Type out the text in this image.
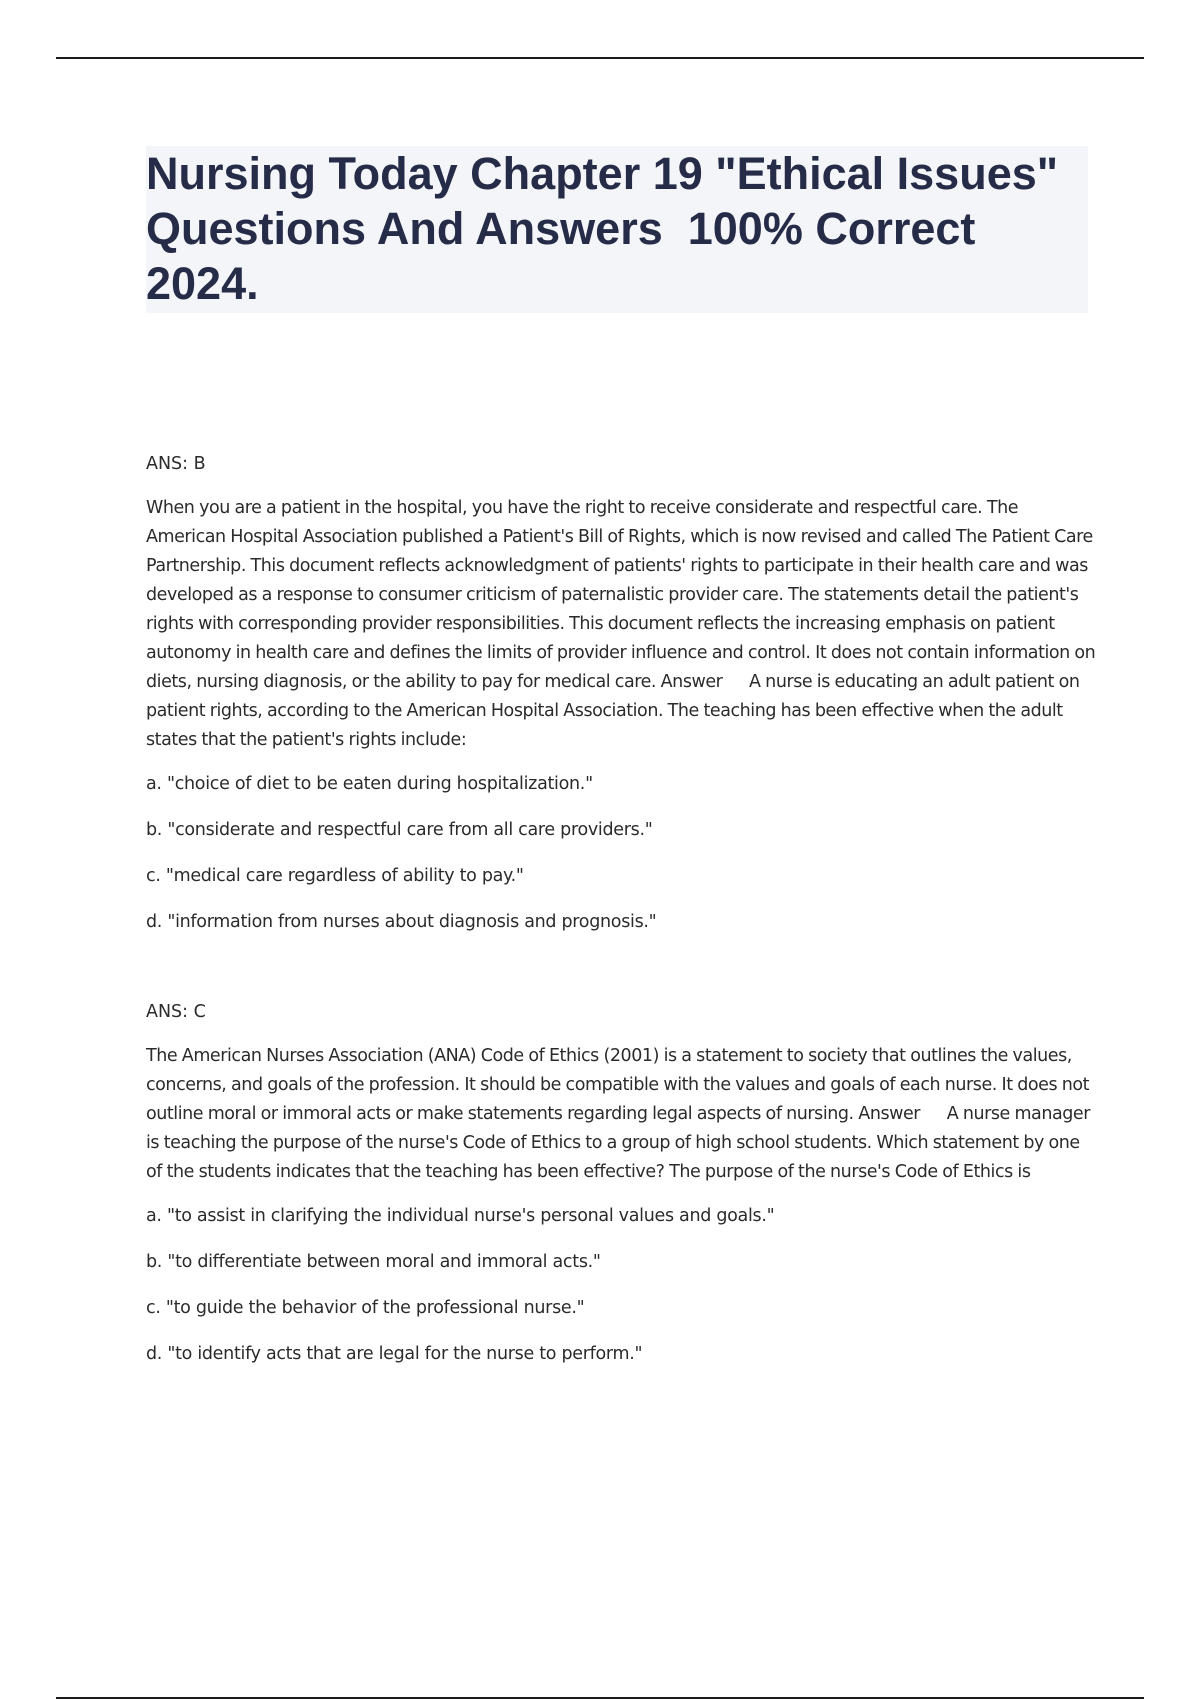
Nursing Today Chapter 19 "Ethical Issues" Questions And Answers  100% Correct 2024.

ANS: B

When you are a patient in the hospital, you have the right to receive considerate and respectful care. The American Hospital Association published a Patient's Bill of Rights, which is now revised and called The Patient Care Partnership. This document reflects acknowledgment of patients' rights to participate in their health care and was developed as a response to consumer criticism of paternalistic provider care. The statements detail the patient's rights with corresponding provider responsibilities. This document reflects the increasing emphasis on patient autonomy in health care and defines the limits of provider influence and control. It does not contain information on diets, nursing diagnosis, or the ability to pay for medical care. Answer A nurse is educating an adult patient on patient rights, according to the American Hospital Association. The teaching has been effective when the adult states that the patient's rights include:

a. "choice of diet to be eaten during hospitalization."
b. "considerate and respectful care from all care providers."
c. "medical care regardless of ability to pay."
d. "information from nurses about diagnosis and prognosis."

ANS: C

The American Nurses Association (ANA) Code of Ethics (2001) is a statement to society that outlines the values, concerns, and goals of the profession. It should be compatible with the values and goals of each nurse. It does not outline moral or immoral acts or make statements regarding legal aspects of nursing. Answer A nurse manager is teaching the purpose of the nurse's Code of Ethics to a group of high school students. Which statement by one of the students indicates that the teaching has been effective? The purpose of the nurse's Code of Ethics is

a. "to assist in clarifying the individual nurse's personal values and goals."
b. "to differentiate between moral and immoral acts."
c. "to guide the behavior of the professional nurse."
d. "to identify acts that are legal for the nurse to perform."
